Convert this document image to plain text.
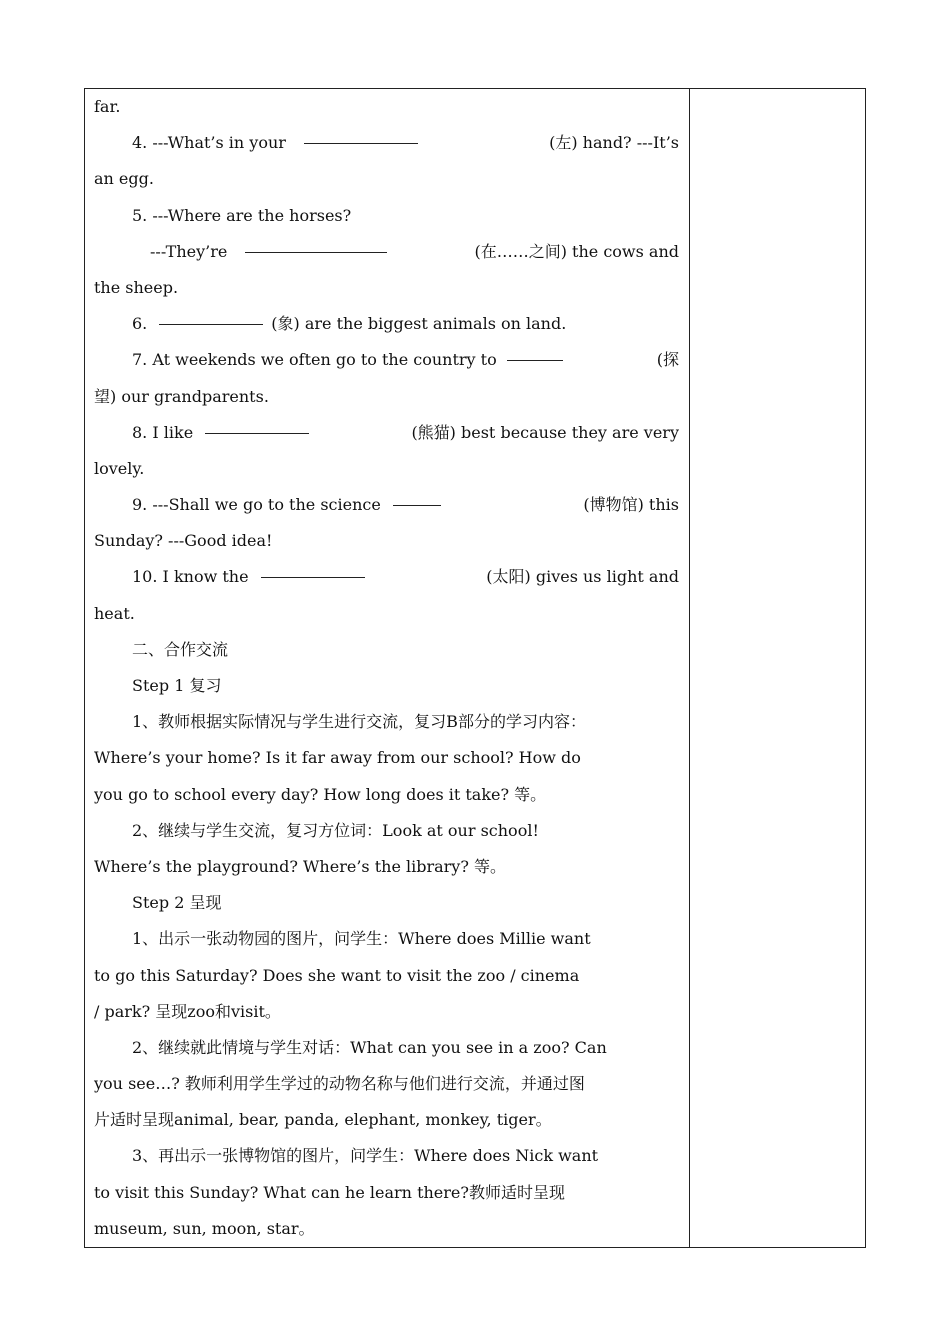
far.
4. ---What’s in your	(左) hand? ---It’s
an egg.
5. ---Where are the horses?
---They’re	(在……之间) the cows and
the sheep.
6.	(象) are the biggest animals on land.
7. At weekends we often go to the country to	(探
望) our grandparents.
8. I like	(熊猫) best because they are very
lovely.
9. ---Shall we go to the science	(博物馆) this
Sunday? ---Good idea!
10. I know the	(太阳) gives us light and
heat.
二、合作交流
Step 1 复习
1、教师根据实际情况与学生进行交流，复习B部分的学习内容：
Where’s your home? Is it far away from our school? How do
you go to school every day? How long does it take? 等。
2、继续与学生交流，复习方位词：Look at our school!
Where’s the playground? Where’s the library? 等。
Step 2 呈现
1、出示一张动物园的图片，问学生：Where does Millie want
to go this Saturday? Does she want to visit the zoo / cinema
/ park? 呈现zoo和visit。
2、继续就此情境与学生对话：What can you see in a zoo? Can
you see…? 教师利用学生学过的动物名称与他们进行交流，并通过图
片适时呈现animal, bear, panda, elephant, monkey, tiger。
3、再出示一张博物馆的图片，问学生：Where does Nick want
to visit this Sunday? What can he learn there?教师适时呈现
museum, sun, moon, star。
